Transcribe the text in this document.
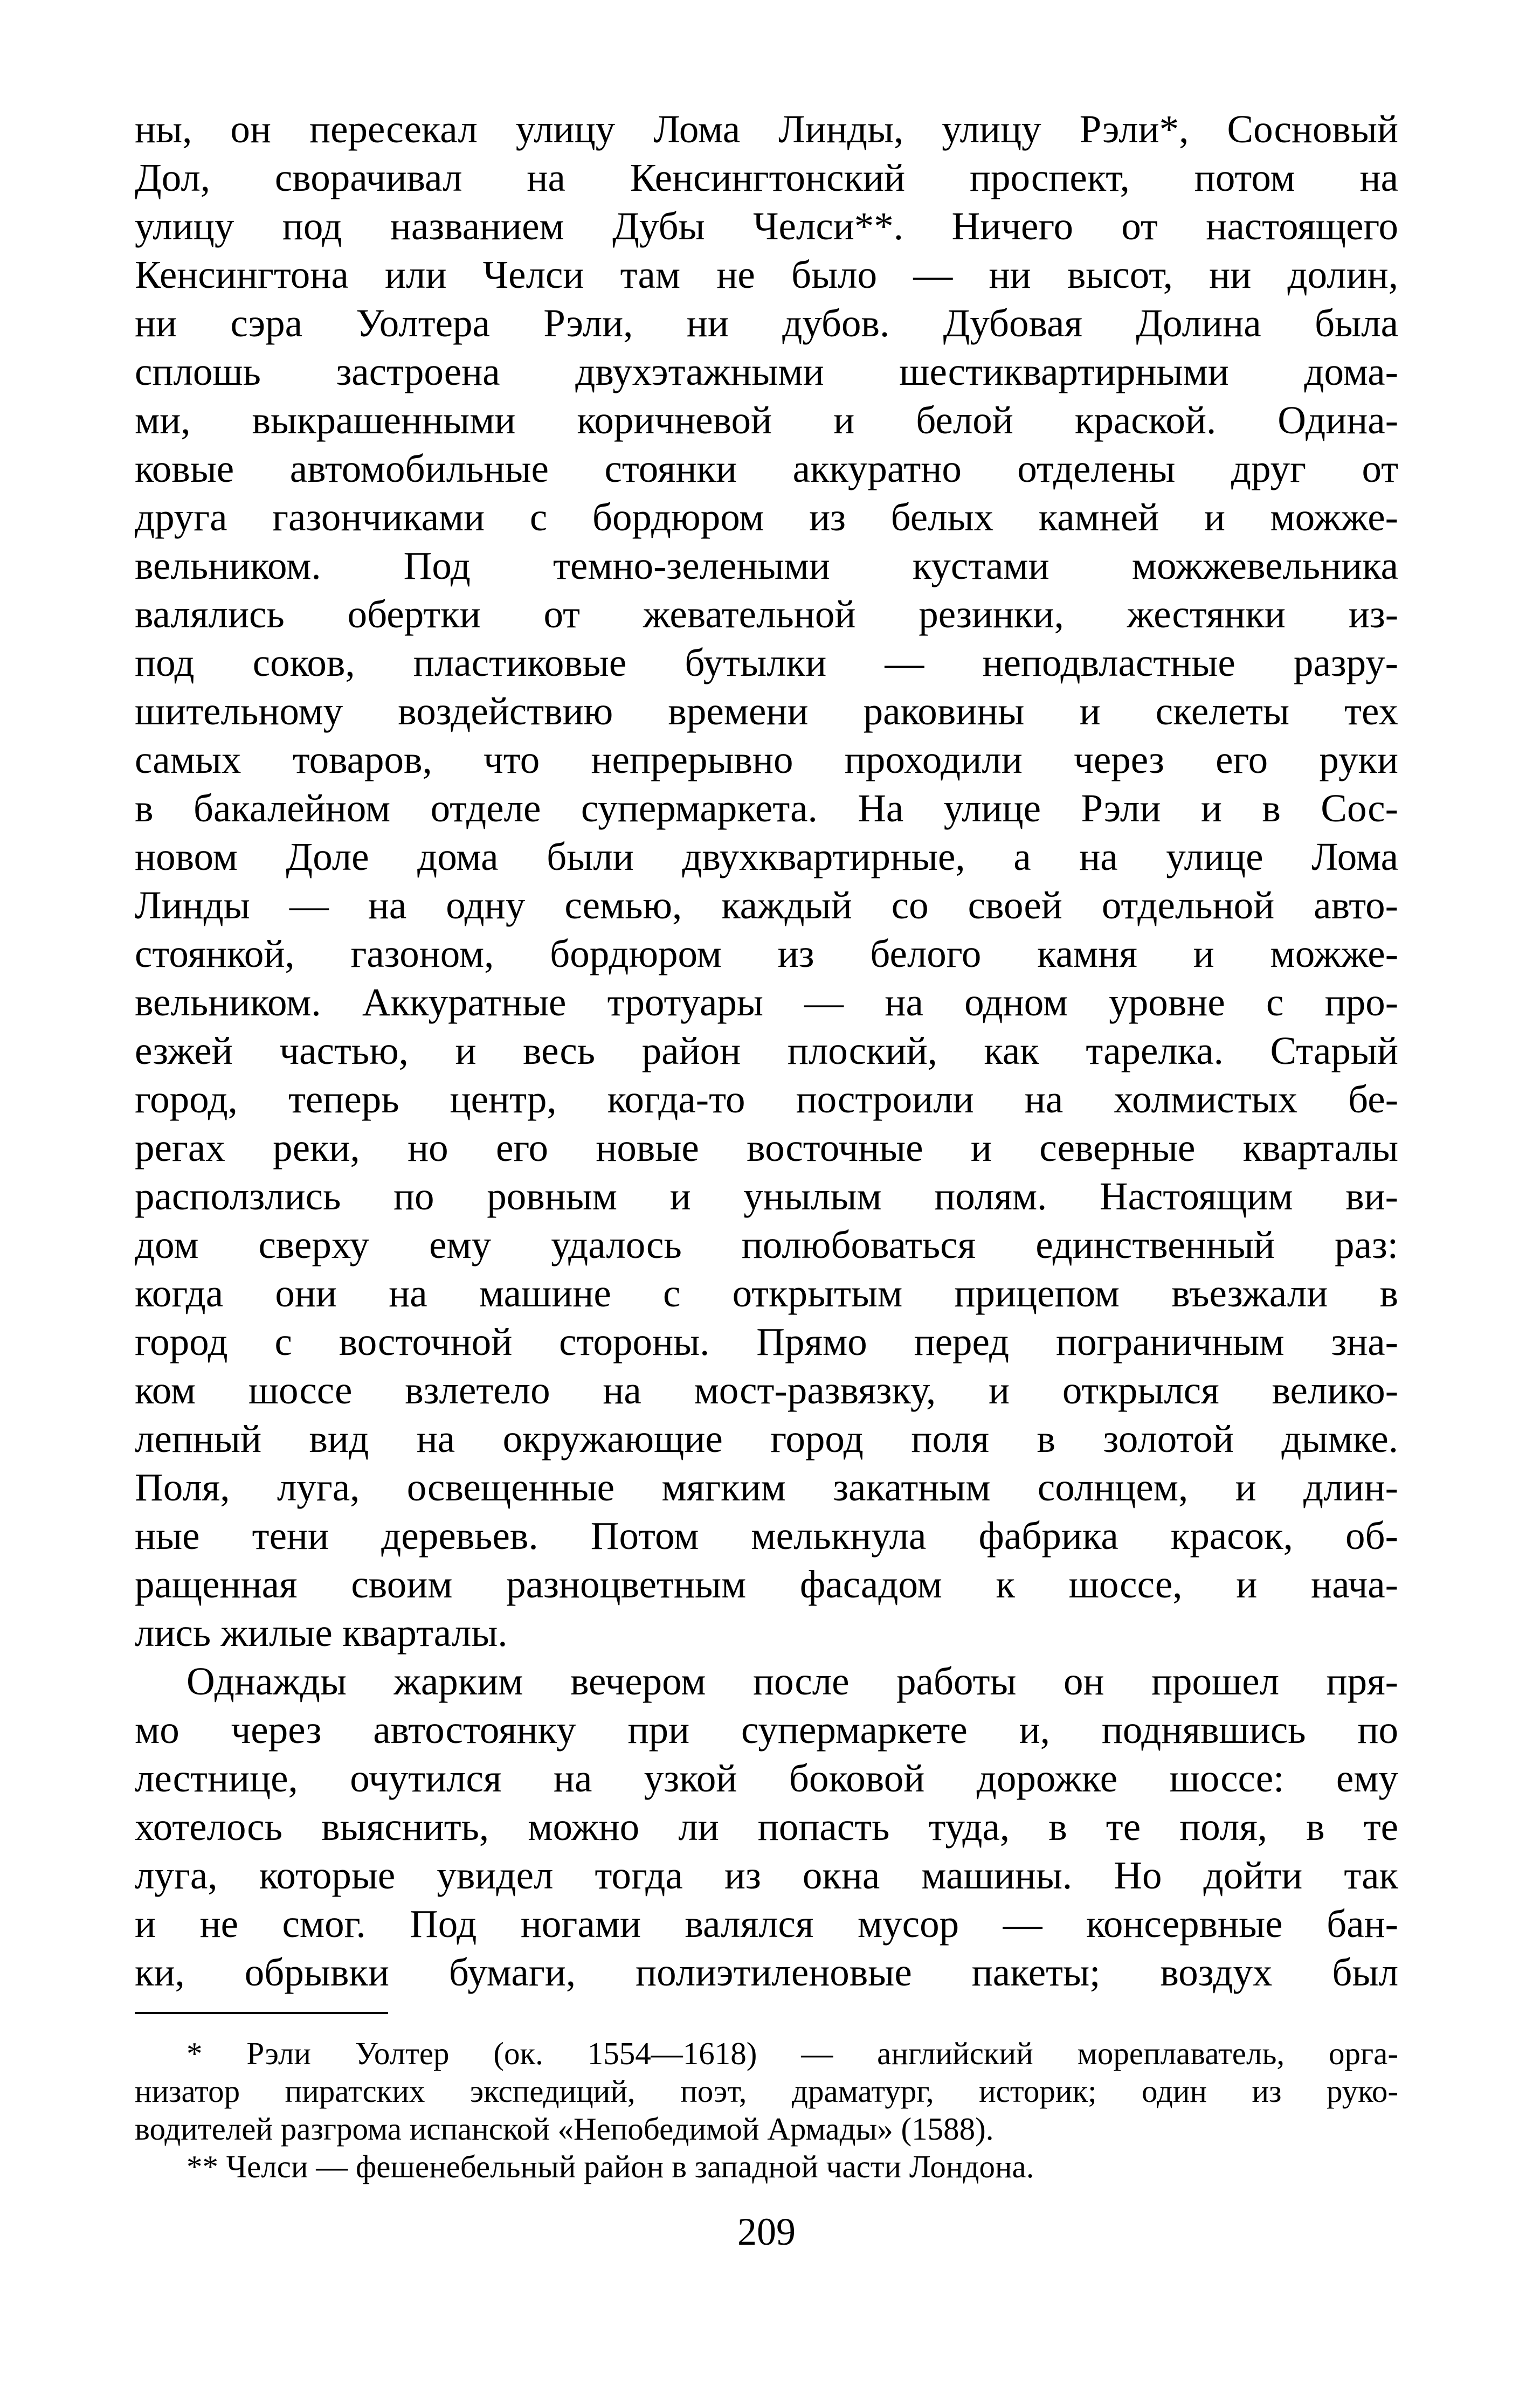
ны, он пересекал улицу Лома Линды, улицу Рэли*, Сосновый
Дол, сворачивал на Кенсингтонский проспект, потом на
улицу под названием Дубы Челси**. Ничего от настоящего
Кенсингтона или Челси там не было — ни высот, ни долин,
ни сэра Уолтера Рэли, ни дубов. Дубовая Долина была
сплошь застроена двухэтажными шестиквартирными дома-
ми, выкрашенными коричневой и белой краской. Одина-
ковые автомобильные стоянки аккуратно отделены друг от
друга газончиками с бордюром из белых камней и можже-
вельником. Под темно-зелеными кустами можжевельника
валялись обертки от жевательной резинки, жестянки из-
под соков, пластиковые бутылки — неподвластные разру-
шительному воздействию времени раковины и скелеты тех
самых товаров, что непрерывно проходили через его руки
в бакалейном отделе супермаркета. На улице Рэли и в Сос-
новом Доле дома были двухквартирные, а на улице Лома
Линды — на одну семью, каждый со своей отдельной авто-
стоянкой, газоном, бордюром из белого камня и можже-
вельником. Аккуратные тротуары — на одном уровне с про-
езжей частью, и весь район плоский, как тарелка. Старый
город, теперь центр, когда-то построили на холмистых бе-
регах реки, но его новые восточные и северные кварталы
расползлись по ровным и унылым полям. Настоящим ви-
дом сверху ему удалось полюбоваться единственный раз:
когда они на машине с открытым прицепом въезжали в
город с восточной стороны. Прямо перед пограничным зна-
ком шоссе взлетело на мост-развязку, и открылся велико-
лепный вид на окружающие город поля в золотой дымке.
Поля, луга, освещенные мягким закатным солнцем, и длин-
ные тени деревьев. Потом мелькнула фабрика красок, об-
ращенная своим разноцветным фасадом к шоссе, и нача-
лись жилые кварталы.

Однажды жарким вечером после работы он прошел пря-
мо через автостоянку при супермаркете и, поднявшись по
лестнице, очутился на узкой боковой дорожке шоссе: ему
хотелось выяснить, можно ли попасть туда, в те поля, в те
луга, которые увидел тогда из окна машины. Но дойти так
и не смог. Под ногами валялся мусор — консервные бан-
ки, обрывки бумаги, полиэтиленовые пакеты; воздух был

* Рэли Уолтер (ок. 1554—1618) — английский мореплаватель, орга-
низатор пиратских экспедиций, поэт, драматург, историк; один из руко-
водителей разгрома испанской «Непобедимой Армады» (1588).
** Челси — фешенебельный район в западной части Лондона.
209
